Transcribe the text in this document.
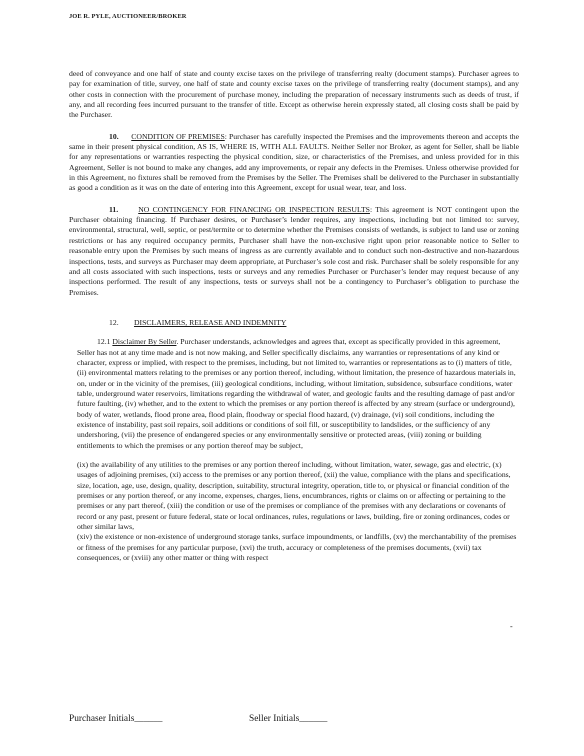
JOE R. PYLE, AUCTIONEER/BROKER

deed of conveyance and one half of state and county excise taxes on the privilege of transferring realty (document stamps). Purchaser agrees to pay for examination of title, survey, one half of state and county excise taxes on the privilege of transferring realty (document stamps), and any other costs in connection with the procurement of purchase money, including the preparation of necessary instruments such as deeds of trust, if any, and all recording fees incurred pursuant to the transfer of title. Except as otherwise herein expressly stated, all closing costs shall be paid by the Purchaser.

10. CONDITION OF PREMISES: Purchaser has carefully inspected the Premises and the improvements thereon and accepts the same in their present physical condition, AS IS, WHERE IS, WITH ALL FAULTS. Neither Seller nor Broker, as agent for Seller, shall be liable for any representations or warranties respecting the physical condition, size, or characteristics of the Premises, and unless provided for in this Agreement, Seller is not bound to make any changes, add any improvements, or repair any defects in the Premises. Unless otherwise provided for in this Agreement, no fixtures shall be removed from the Premises by the Seller. The Premises shall be delivered to the Purchaser in substantially as good a condition as it was on the date of entering into this Agreement, except for usual wear, tear, and loss.

11.	NO CONTINGENCY FOR FINANCING OR INSPECTION RESULTS: This agreement is NOT contingent upon the Purchaser obtaining financing. If Purchaser desires, or Purchaser’s lender requires, any inspections, including but not limited to: survey, environmental, structural, well, septic, or pest/termite or to determine whether the Premises consists of wetlands, is subject to land use or zoning restrictions or has any required occupancy permits, Purchaser shall have the non-exclusive right upon prior reasonable notice to Seller to reasonable entry upon the Premises by such means of ingress as are currently available and to conduct such non-destructive and non-hazardous inspections, tests, and surveys as Purchaser may deem appropriate, at Purchaser’s sole cost and risk. Purchaser shall be solely responsible for any and all costs associated with such inspections, tests or surveys and any remedies Purchaser or Purchaser’s lender may request because of any inspections performed. The result of any inspections, tests or surveys shall not be a contingency to Purchaser’s obligation to purchase the Premises.

12. DISCLAIMERS, RELEASE AND INDEMNITY

12.1 Disclaimer By Seller. Purchaser understands, acknowledges and agrees that, except as specifically provided in this agreement, Seller has not at any time made and is not now making, and Seller specifically disclaims, any warranties or representations of any kind or character, express or implied, with respect to the premises, including, but not limited to, warranties or representations as to (i) matters of title,

(ii) environmental matters relating to the premises or any portion thereof, including, without limitation, the presence of hazardous materials in, on, under or in the vicinity of the premises, (iii) geological conditions, including, without limitation, subsidence, subsurface conditions, water table, underground water reservoirs, limitations regarding the withdrawal of water, and geologic faults and the resulting damage of past and/or future faulting, (iv) whether, and to the extent to which the premises or any portion thereof is affected by any stream (surface or underground), body of water, wetlands, flood prone area, flood plain, floodway or special flood hazard, (v) drainage, (vi) soil conditions, including the existence of instability, past soil repairs, soil additions or conditions of soil fill, or susceptibility to landslides, or the sufficiency of any undershoring, (vii) the presence of endangered species or any environmentally sensitive or protected areas, (viii) zoning or building entitlements to which the premises or any portion thereof may be subject,

(ix) the availability of any utilities to the premises or any portion thereof including, without limitation, water, sewage, gas and electric, (x) usages of adjoining premises, (xi) access to the premises or any portion thereof, (xii) the value, compliance with the plans and specifications, size, location, age, use, design, quality, description, suitability, structural integrity, operation, title to, or physical or financial condition of the premises or any portion thereof, or any income, expenses, charges, liens, encumbrances, rights or claims on or affecting or pertaining to the premises or any part thereof, (xiii) the condition or use of the premises or compliance of the premises with any declarations or covenants of record or any past, present or future federal, state or local ordinances, rules, regulations or laws, building, fire or zoning ordinances, codes or other similar laws,

(xiv) the existence or non-existence of underground storage tanks, surface impoundments, or landfills, (xv) the merchantability of the premises or fitness of the premises for any particular purpose, (xvi) the truth, accuracy or completeness of the premises documents, (xvii) tax consequences, or (xviii) any other matter or thing with respect

-
Purchaser Initials______	Seller Initials______
